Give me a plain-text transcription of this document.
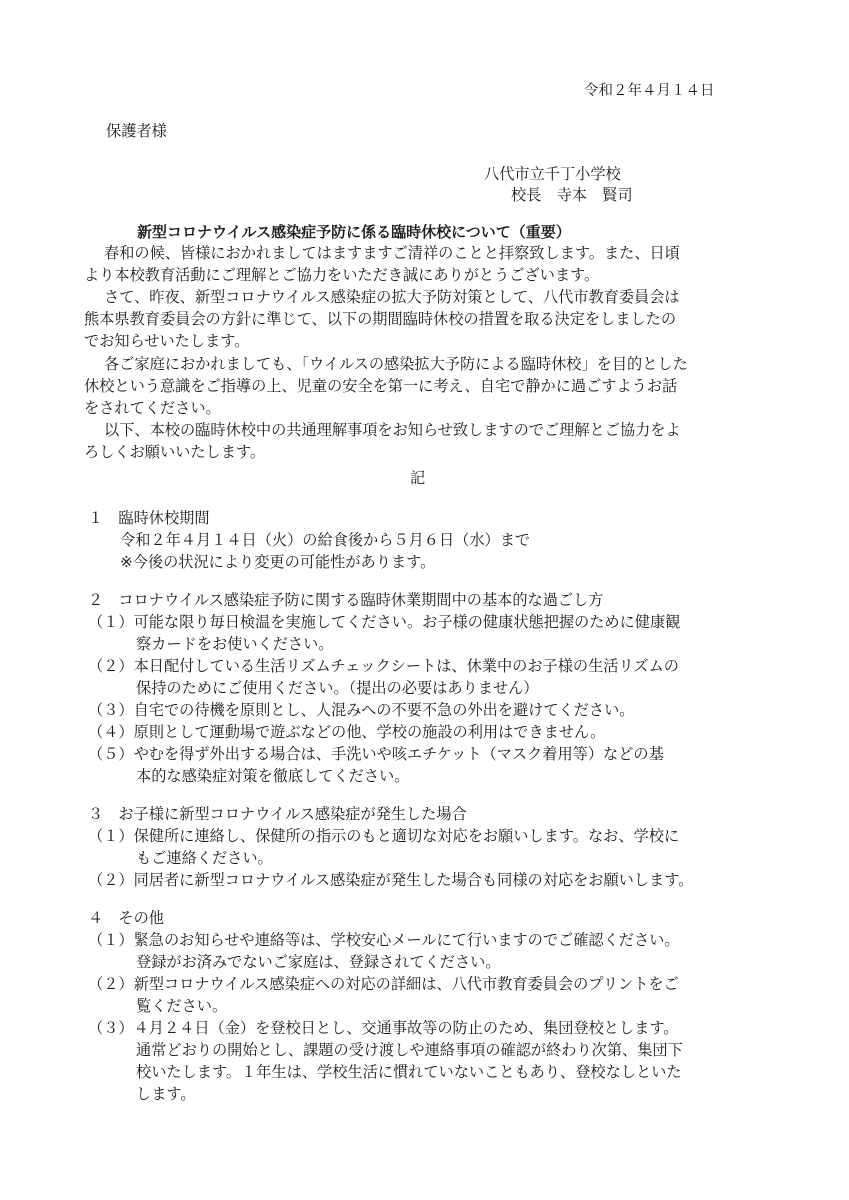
令和２年４月１４日
保護者様
八代市立千丁小学校
校長　寺本　賢司
新型コロナウイルス感染症予防に係る臨時休校について（重要）
春和の候、皆様におかれましてはますますご清祥のことと拝察致します。また、日頃
より本校教育活動にご理解とご協力をいただき誠にありがとうございます。
さて、昨夜、新型コロナウイルス感染症の拡大予防対策として、八代市教育委員会は
熊本県教育委員会の方針に準じて、以下の期間臨時休校の措置を取る決定をしましたの
でお知らせいたします。
各ご家庭におかれましても、「ウイルスの感染拡大予防による臨時休校」を目的とした
休校という意識をご指導の上、児童の安全を第一に考え、自宅で静かに過ごすようお話
をされてください。
以下、本校の臨時休校中の共通理解事項をお知らせ致しますのでご理解とご協力をよ
ろしくお願いいたします。
記
１　臨時休校期間
令和２年４月１４日（火）の給食後から５月６日（水）まで
※今後の状況により変更の可能性があります。
２　コロナウイルス感染症予防に関する臨時休業期間中の基本的な過ごし方
（１）可能な限り毎日検温を実施してください。お子様の健康状態把握のために健康観
察カードをお使いください。
（２）本日配付している生活リズムチェックシートは、休業中のお子様の生活リズムの
保持のためにご使用ください。（提出の必要はありません）
（３）自宅での待機を原則とし、人混みへの不要不急の外出を避けてください。
（４）原則として運動場で遊ぶなどの他、学校の施設の利用はできません。
（５）やむを得ず外出する場合は、手洗いや咳エチケット（マスク着用等）などの基
本的な感染症対策を徹底してください。
３　お子様に新型コロナウイルス感染症が発生した場合
（１）保健所に連絡し、保健所の指示のもと適切な対応をお願いします。なお、学校に
もご連絡ください。
（２）同居者に新型コロナウイルス感染症が発生した場合も同様の対応をお願いします。
４　その他
（１）緊急のお知らせや連絡等は、学校安心メールにて行いますのでご確認ください。
登録がお済みでないご家庭は、登録されてください。
（２）新型コロナウイルス感染症への対応の詳細は、八代市教育委員会のプリントをご
覧ください。
（３）４月２４日（金）を登校日とし、交通事故等の防止のため、集団登校とします。
通常どおりの開始とし、課題の受け渡しや連絡事項の確認が終わり次第、集団下
校いたします。１年生は、学校生活に慣れていないこともあり、登校なしといた
します。
